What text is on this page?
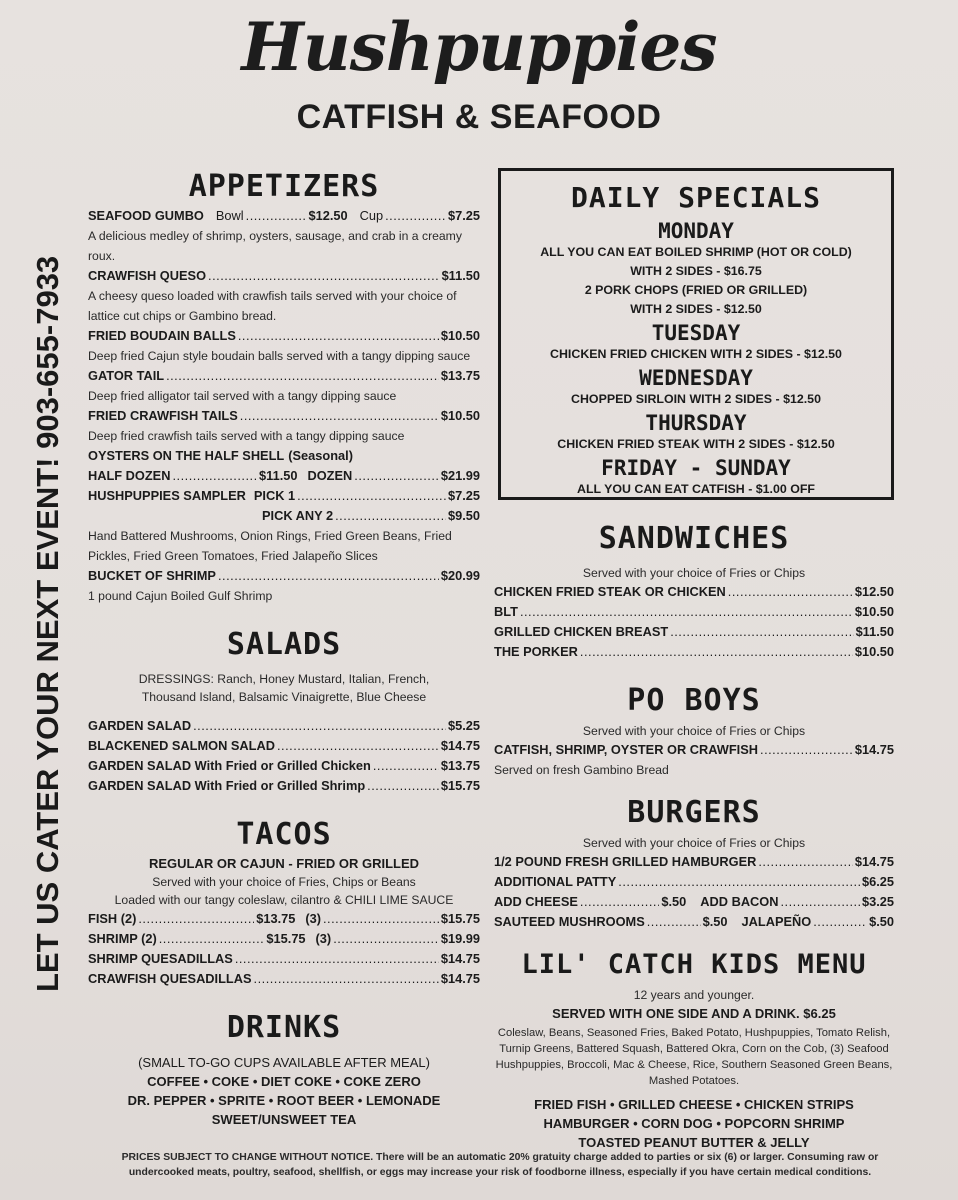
Hushpuppies
CATFISH & SEAFOOD
LET US CATER YOUR NEXT EVENT! 903-655-7933
APPETIZERS
SEAFOOD GUMBO Bowl .....	$12.50 Cup .....	$7.25
A delicious medley of shrimp, oysters, sausage, and crab in a creamy roux.
CRAWFISH QUESO .....	$11.50
A cheesy queso loaded with crawfish tails served with your choice of lattice cut chips or Gambino bread.
FRIED BOUDAIN BALLS .....	$10.50
Deep fried Cajun style boudain balls served with a tangy dipping sauce
GATOR TAIL .....	$13.75
Deep fried alligator tail served with a tangy dipping sauce
FRIED CRAWFISH TAILS .....	$10.50
Deep fried crawfish tails served with a tangy dipping sauce
OYSTERS ON THE HALF SHELL (Seasonal)
HALF DOZEN .....	$11.50 DOZEN .....	$21.99
HUSHPUPPIES SAMPLER PICK 1 .....	$7.25
PICK ANY 2 .....	$9.50
Hand Battered Mushrooms, Onion Rings, Fried Green Beans, Fried Pickles, Fried Green Tomatoes, Fried Jalapeño Slices
BUCKET OF SHRIMP .....	$20.99
1 pound Cajun Boiled Gulf Shrimp
SALADS
DRESSINGS: Ranch, Honey Mustard, Italian, French, Thousand Island, Balsamic Vinaigrette, Blue Cheese
GARDEN SALAD .....	$5.25
BLACKENED SALMON SALAD .....	$14.75
GARDEN SALAD With Fried or Grilled Chicken .....	$13.75
GARDEN SALAD With Fried or Grilled Shrimp .....	$15.75
TACOS
REGULAR OR CAJUN - FRIED OR GRILLED
Served with your choice of Fries, Chips or Beans
Loaded with our tangy coleslaw, cilantro & CHILI LIME SAUCE
FISH (2) .....	$13.75 (3) .....	$15.75
SHRIMP (2) .....	$15.75 (3) .....	$19.99
SHRIMP QUESADILLAS .....	$14.75
CRAWFISH QUESADILLAS .....	$14.75
DRINKS
(SMALL TO-GO CUPS AVAILABLE AFTER MEAL)
COFFEE • COKE • DIET COKE • COKE ZERO
DR. PEPPER • SPRITE • ROOT BEER • LEMONADE
SWEET/UNSWEET TEA
DAILY SPECIALS
MONDAY
ALL YOU CAN EAT BOILED SHRIMP (HOT OR COLD)
WITH 2 SIDES - $16.75
2 PORK CHOPS (FRIED OR GRILLED)
WITH 2 SIDES - $12.50
TUESDAY
CHICKEN FRIED CHICKEN WITH 2 SIDES - $12.50
WEDNESDAY
CHOPPED SIRLOIN WITH 2 SIDES - $12.50
THURSDAY
CHICKEN FRIED STEAK WITH 2 SIDES - $12.50
FRIDAY - SUNDAY
ALL YOU CAN EAT CATFISH - $1.00 OFF
SANDWICHES
Served with your choice of Fries or Chips
CHICKEN FRIED STEAK OR CHICKEN .....	$12.50
BLT .....	$10.50
GRILLED CHICKEN BREAST .....	$11.50
THE PORKER .....	$10.50
PO BOYS
Served with your choice of Fries or Chips
CATFISH, SHRIMP, OYSTER OR CRAWFISH .....	$14.75
Served on fresh Gambino Bread
BURGERS
Served with your choice of Fries or Chips
1/2 POUND FRESH GRILLED HAMBURGER .....	$14.75
ADDITIONAL PATTY .....	$6.25
ADD CHEESE .....	$.50 ADD BACON .....	$3.25
SAUTEED MUSHROOMS .....	$.50 JALAPEÑO .....	$.50
LIL' CATCH KIDS MENU
12 years and younger.
SERVED WITH ONE SIDE AND A DRINK. $6.25
Coleslaw, Beans, Seasoned Fries, Baked Potato, Hushpuppies, Tomato Relish, Turnip Greens, Battered Squash, Battered Okra, Corn on the Cob, (3) Seafood Hushpuppies, Broccoli, Mac & Cheese, Rice, Southern Seasoned Green Beans, Mashed Potatoes.
FRIED FISH • GRILLED CHEESE • CHICKEN STRIPS
HAMBURGER • CORN DOG • POPCORN SHRIMP
TOASTED PEANUT BUTTER & JELLY
PRICES SUBJECT TO CHANGE WITHOUT NOTICE. There will be an automatic 20% gratuity charge added to parties or six (6) or larger. Consuming raw or undercooked meats, poultry, seafood, shellfish, or eggs may increase your risk of foodborne illness, especially if you have certain medical conditions.
